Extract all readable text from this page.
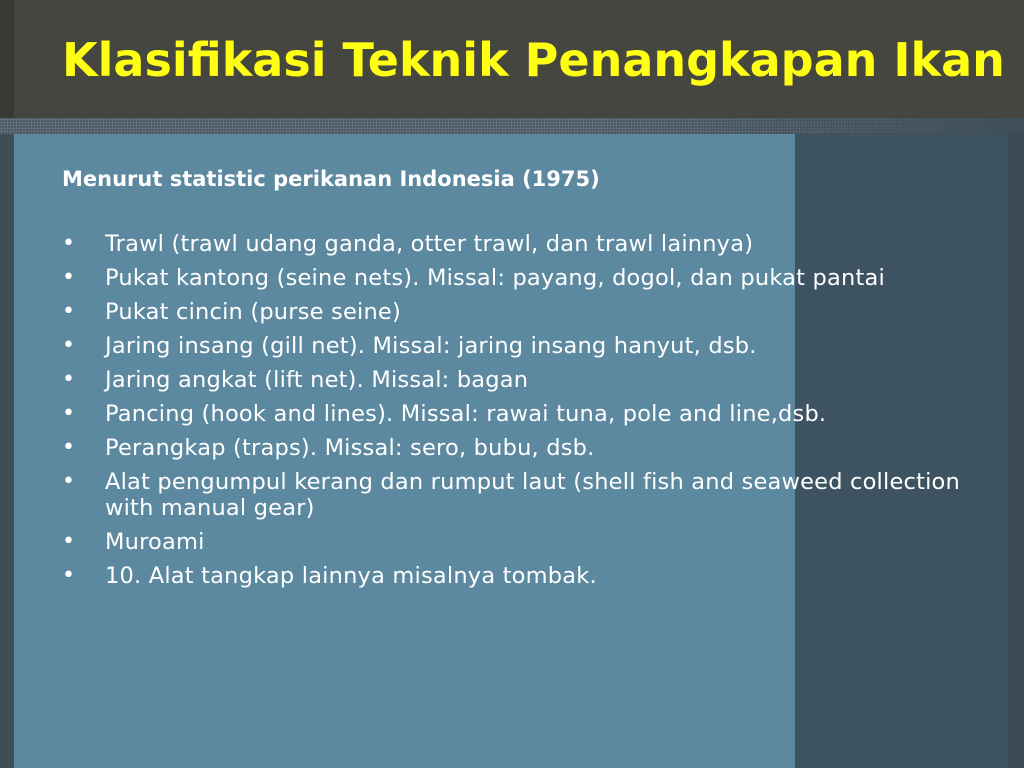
Klasifikasi Teknik Penangkapan Ikan

Menurut statistic perikanan Indonesia (1975)

•	Trawl (trawl udang ganda, otter trawl, dan trawl lainnya)
•	Pukat kantong (seine nets). Missal: payang, dogol, dan pukat pantai
•	Pukat cincin (purse seine)
•	Jaring insang (gill net). Missal: jaring insang hanyut, dsb.
•	Jaring angkat (lift net). Missal: bagan
•	Pancing (hook and lines). Missal: rawai tuna, pole and line,dsb.
•	Perangkap (traps). Missal: sero, bubu, dsb.
•	Alat pengumpul kerang dan rumput laut (shell fish and seaweed collection with manual gear)
•	Muroami
•	10. Alat tangkap lainnya misalnya tombak.
